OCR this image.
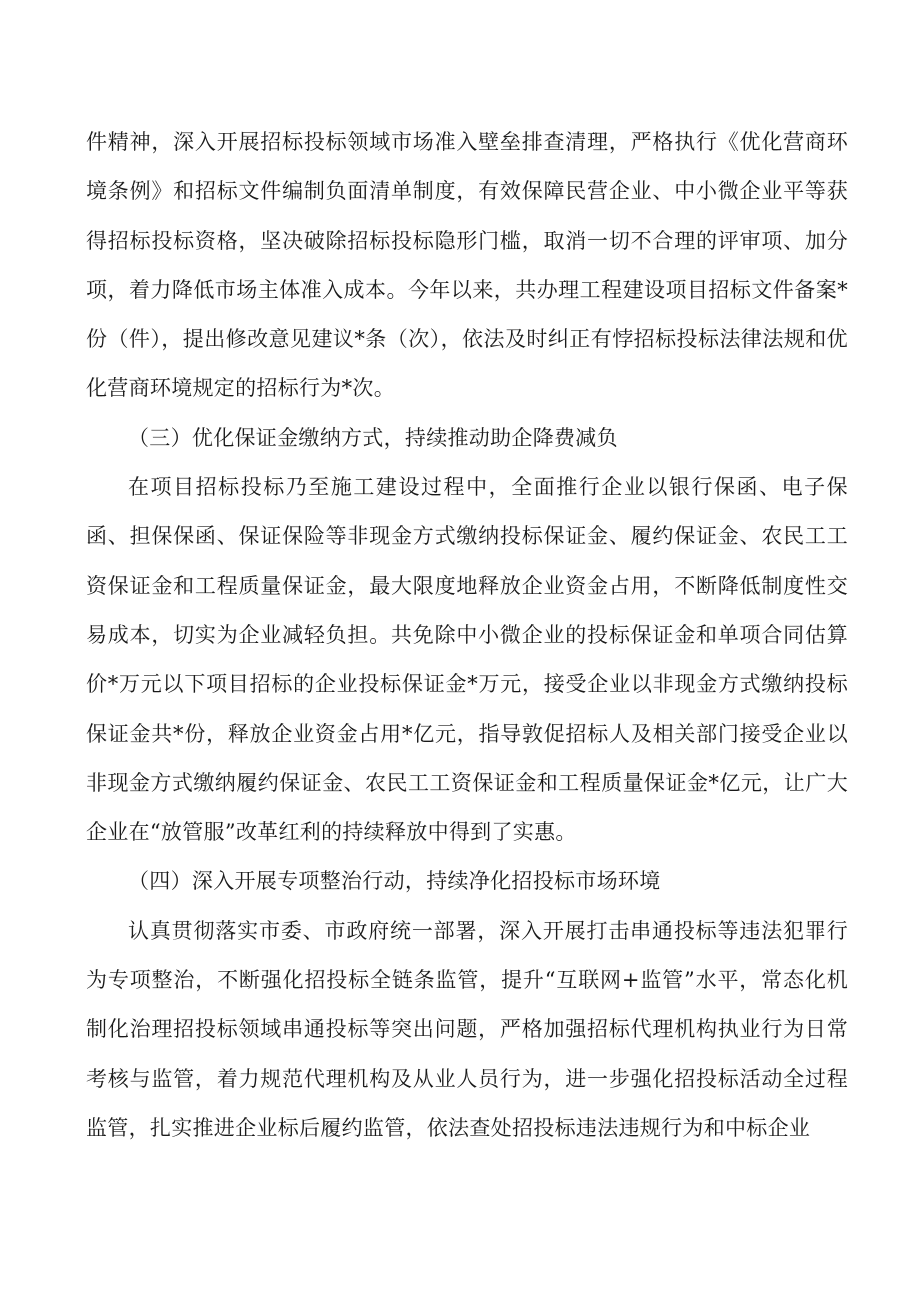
件精神，深入开展招标投标领域市场准入壁垒排查清理，严格执行《优化营商环境条例》和招标文件编制负面清单制度，有效保障民营企业、中小微企业平等获得招标投标资格，坚决破除招标投标隐形门槛，取消一切不合理的评审项、加分项，着力降低市场主体准入成本。今年以来，共办理工程建设项目招标文件备案*份（件），提出修改意见建议*条（次），依法及时纠正有悖招标投标法律法规和优化营商环境规定的招标行为*次。

（三）优化保证金缴纳方式，持续推动助企降费减负

在项目招标投标乃至施工建设过程中，全面推行企业以银行保函、电子保函、担保保函、保证保险等非现金方式缴纳投标保证金、履约保证金、农民工工资保证金和工程质量保证金，最大限度地释放企业资金占用，不断降低制度性交易成本，切实为企业减轻负担。共免除中小微企业的投标保证金和单项合同估算价*万元以下项目招标的企业投标保证金*万元，接受企业以非现金方式缴纳投标保证金共*份，释放企业资金占用*亿元，指导敦促招标人及相关部门接受企业以非现金方式缴纳履约保证金、农民工工资保证金和工程质量保证金*亿元，让广大企业在“放管服”改革红利的持续释放中得到了实惠。

（四）深入开展专项整治行动，持续净化招投标市场环境

认真贯彻落实市委、市政府统一部署，深入开展打击串通投标等违法犯罪行为专项整治，不断强化招投标全链条监管，提升“互联网+监管”水平，常态化机制化治理招投标领域串通投标等突出问题，严格加强招标代理机构执业行为日常考核与监管，着力规范代理机构及从业人员行为，进一步强化招投标活动全过程监管，扎实推进企业标后履约监管，依法查处招投标违法违规行为和中标企业
